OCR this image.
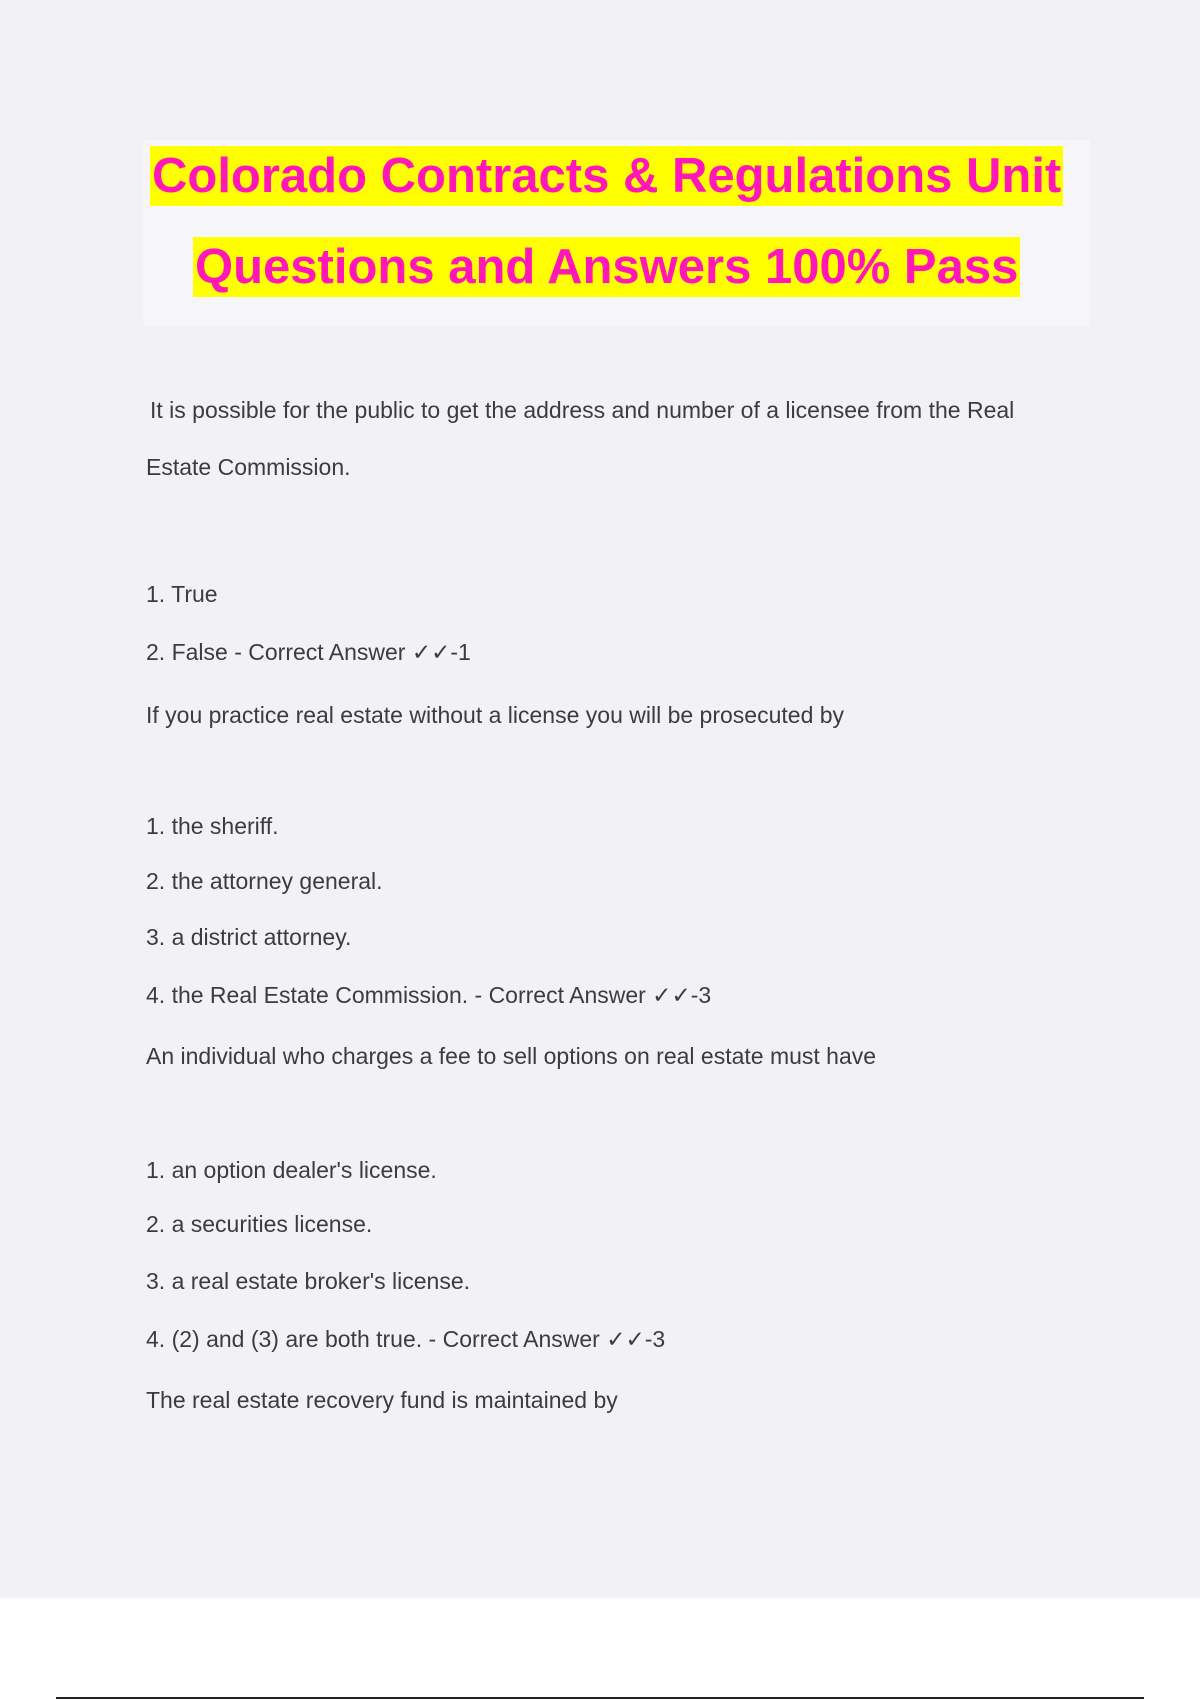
Colorado Contracts & Regulations Unit
Questions and Answers 100% Pass
It is possible for the public to get the address and number of a licensee from the Real
Estate Commission.
1. True
2. False - Correct Answer ✓✓-1
If you practice real estate without a license you will be prosecuted by
1. the sheriff.
2. the attorney general.
3. a district attorney.
4. the Real Estate Commission. - Correct Answer ✓✓-3
An individual who charges a fee to sell options on real estate must have
1. an option dealer's license.
2. a securities license.
3. a real estate broker's license.
4. (2) and (3) are both true. - Correct Answer ✓✓-3
The real estate recovery fund is maintained by
